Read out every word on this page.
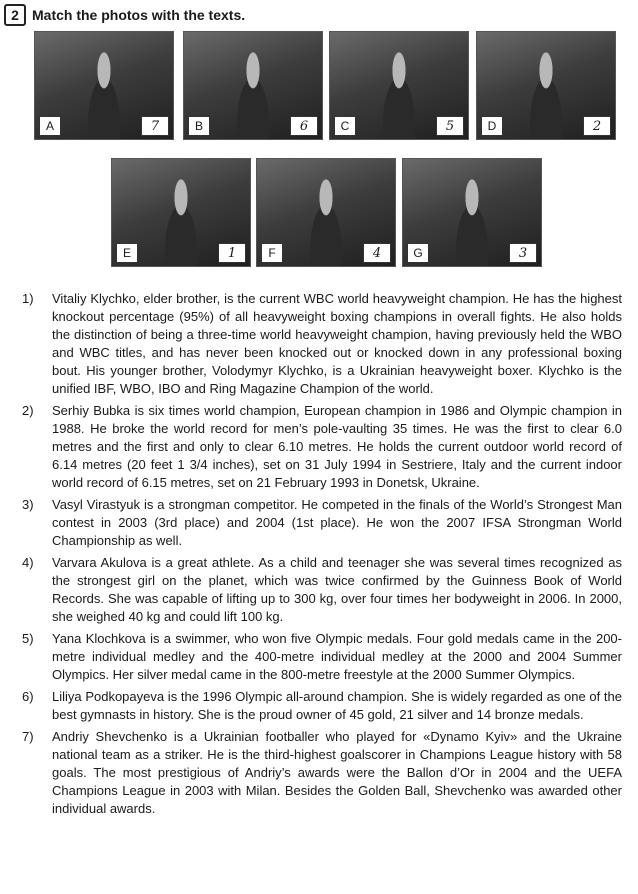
2 Match the photos with the texts.
A	7	B	6	C	5	D	2
E	1	F	4	G	3
1)	Vitaliy Klychko, elder brother, is the current WBC world heavyweight champion. He has the highest knockout percentage (95%) of all heavyweight boxing champions in overall fights. He also holds the distinction of being a three-time world heavyweight champion, having previously held the WBO and WBC titles, and has never been knocked out or knocked down in any professional boxing bout. His younger brother, Volodymyr Klychko, is a Ukrainian heavyweight boxer. Klychko is the unified IBF, WBO, IBO and Ring Magazine Champion of the world.
2)	Serhiy Bubka is six times world champion, European champion in 1986 and Olympic champion in 1988. He broke the world record for men’s pole-vaulting 35 times. He was the first to clear 6.0 metres and the first and only to clear 6.10 metres. He holds the current outdoor world record of 6.14 metres (20 feet 1 3/4 inches), set on 31 July 1994 in Sestriere, Italy and the current indoor world record of 6.15 metres, set on 21 February 1993 in Donetsk, Ukraine.
3)	Vasyl Virastyuk is a strongman competitor. He competed in the finals of the World’s Strongest Man contest in 2003 (3rd place) and 2004 (1st place). He won the 2007 IFSA Strongman World Championship as well.
4)	Varvara Akulova is a great athlete. As a child and teenager she was several times recognized as the strongest girl on the planet, which was twice confirmed by the Guinness Book of World Records. She was capable of lifting up to 300 kg, over four times her bodyweight in 2006. In 2000, she weighed 40 kg and could lift 100 kg.
5)	Yana Klochkova is a swimmer, who won five Olympic medals. Four gold medals came in the 200-metre individual medley and the 400-metre individual medley at the 2000 and 2004 Summer Olympics. Her silver medal came in the 800-metre freestyle at the 2000 Summer Olympics.
6)	Liliya Podkopayeva is the 1996 Olympic all-around champion. She is widely regarded as one of the best gymnasts in history. She is the proud owner of 45 gold, 21 silver and 14 bronze medals.
7)	Andriy Shevchenko is a Ukrainian footballer who played for «Dynamo Kyiv» and the Ukraine national team as a striker. He is the third-highest goalscorer in Champions League history with 58 goals. The most prestigious of Andriy’s awards were the Ballon d’Or in 2004 and the UEFA Champions League in 2003 with Milan. Besides the Golden Ball, Shevchenko was awarded other individual awards.
